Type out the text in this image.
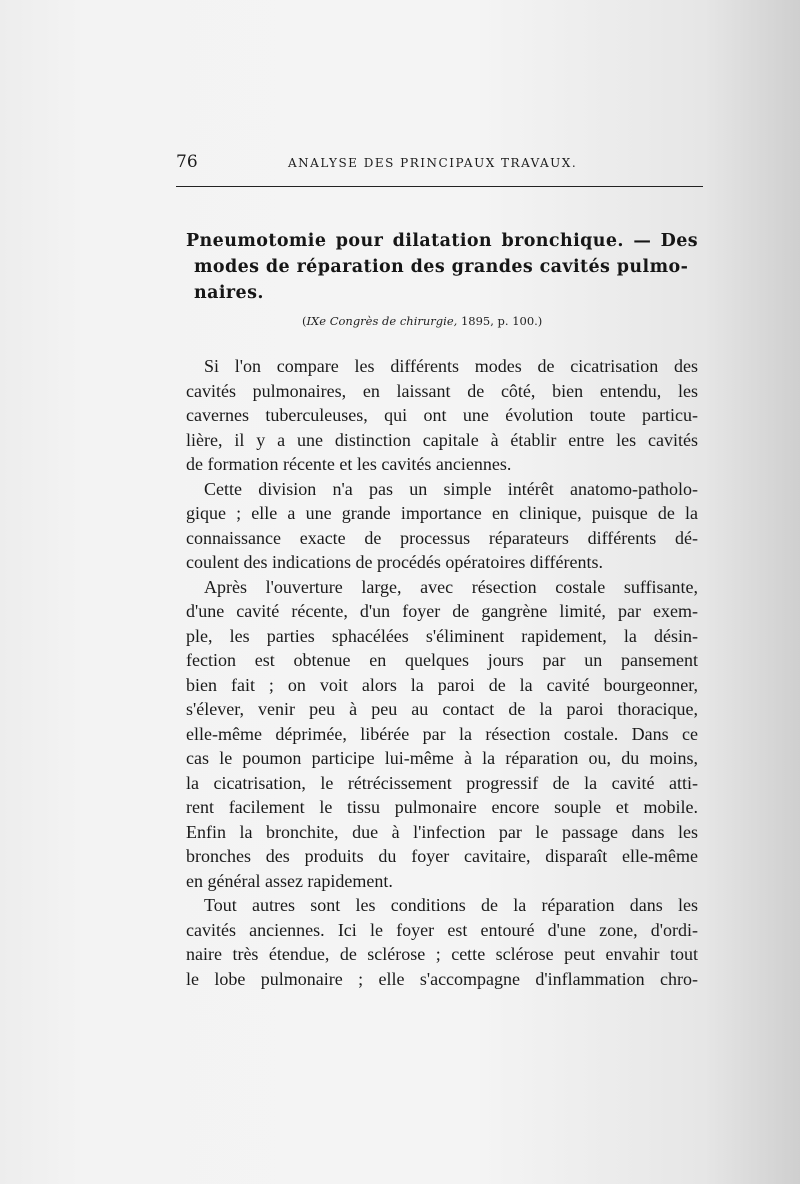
76	ANALYSE DES PRINCIPAUX TRAVAUX.
Pneumotomie pour dilatation bronchique. — Des
modes de réparation des grandes cavités pulmo-
naires.
(IXe Congrès de chirurgie, 1895, p. 100.)
Si l'on compare les différents modes de cicatrisation des
cavités pulmonaires, en laissant de côté, bien entendu, les
cavernes tuberculeuses, qui ont une évolution toute particu-
lière, il y a une distinction capitale à établir entre les cavités
de formation récente et les cavités anciennes.
Cette division n'a pas un simple intérêt anatomo-patholo-
gique ; elle a une grande importance en clinique, puisque de la
connaissance exacte de processus réparateurs différents dé-
coulent des indications de procédés opératoires différents.
Après l'ouverture large, avec résection costale suffisante,
d'une cavité récente, d'un foyer de gangrène limité, par exem-
ple, les parties sphacélées s'éliminent rapidement, la désin-
fection est obtenue en quelques jours par un pansement
bien fait ; on voit alors la paroi de la cavité bourgeonner,
s'élever, venir peu à peu au contact de la paroi thoracique,
elle-même déprimée, libérée par la résection costale. Dans ce
cas le poumon participe lui-même à la réparation ou, du moins,
la cicatrisation, le rétrécissement progressif de la cavité atti-
rent facilement le tissu pulmonaire encore souple et mobile.
Enfin la bronchite, due à l'infection par le passage dans les
bronches des produits du foyer cavitaire, disparaît elle-même
en général assez rapidement.
Tout autres sont les conditions de la réparation dans les
cavités anciennes. Ici le foyer est entouré d'une zone, d'ordi-
naire très étendue, de sclérose ; cette sclérose peut envahir tout
le lobe pulmonaire ; elle s'accompagne d'inflammation chro-
